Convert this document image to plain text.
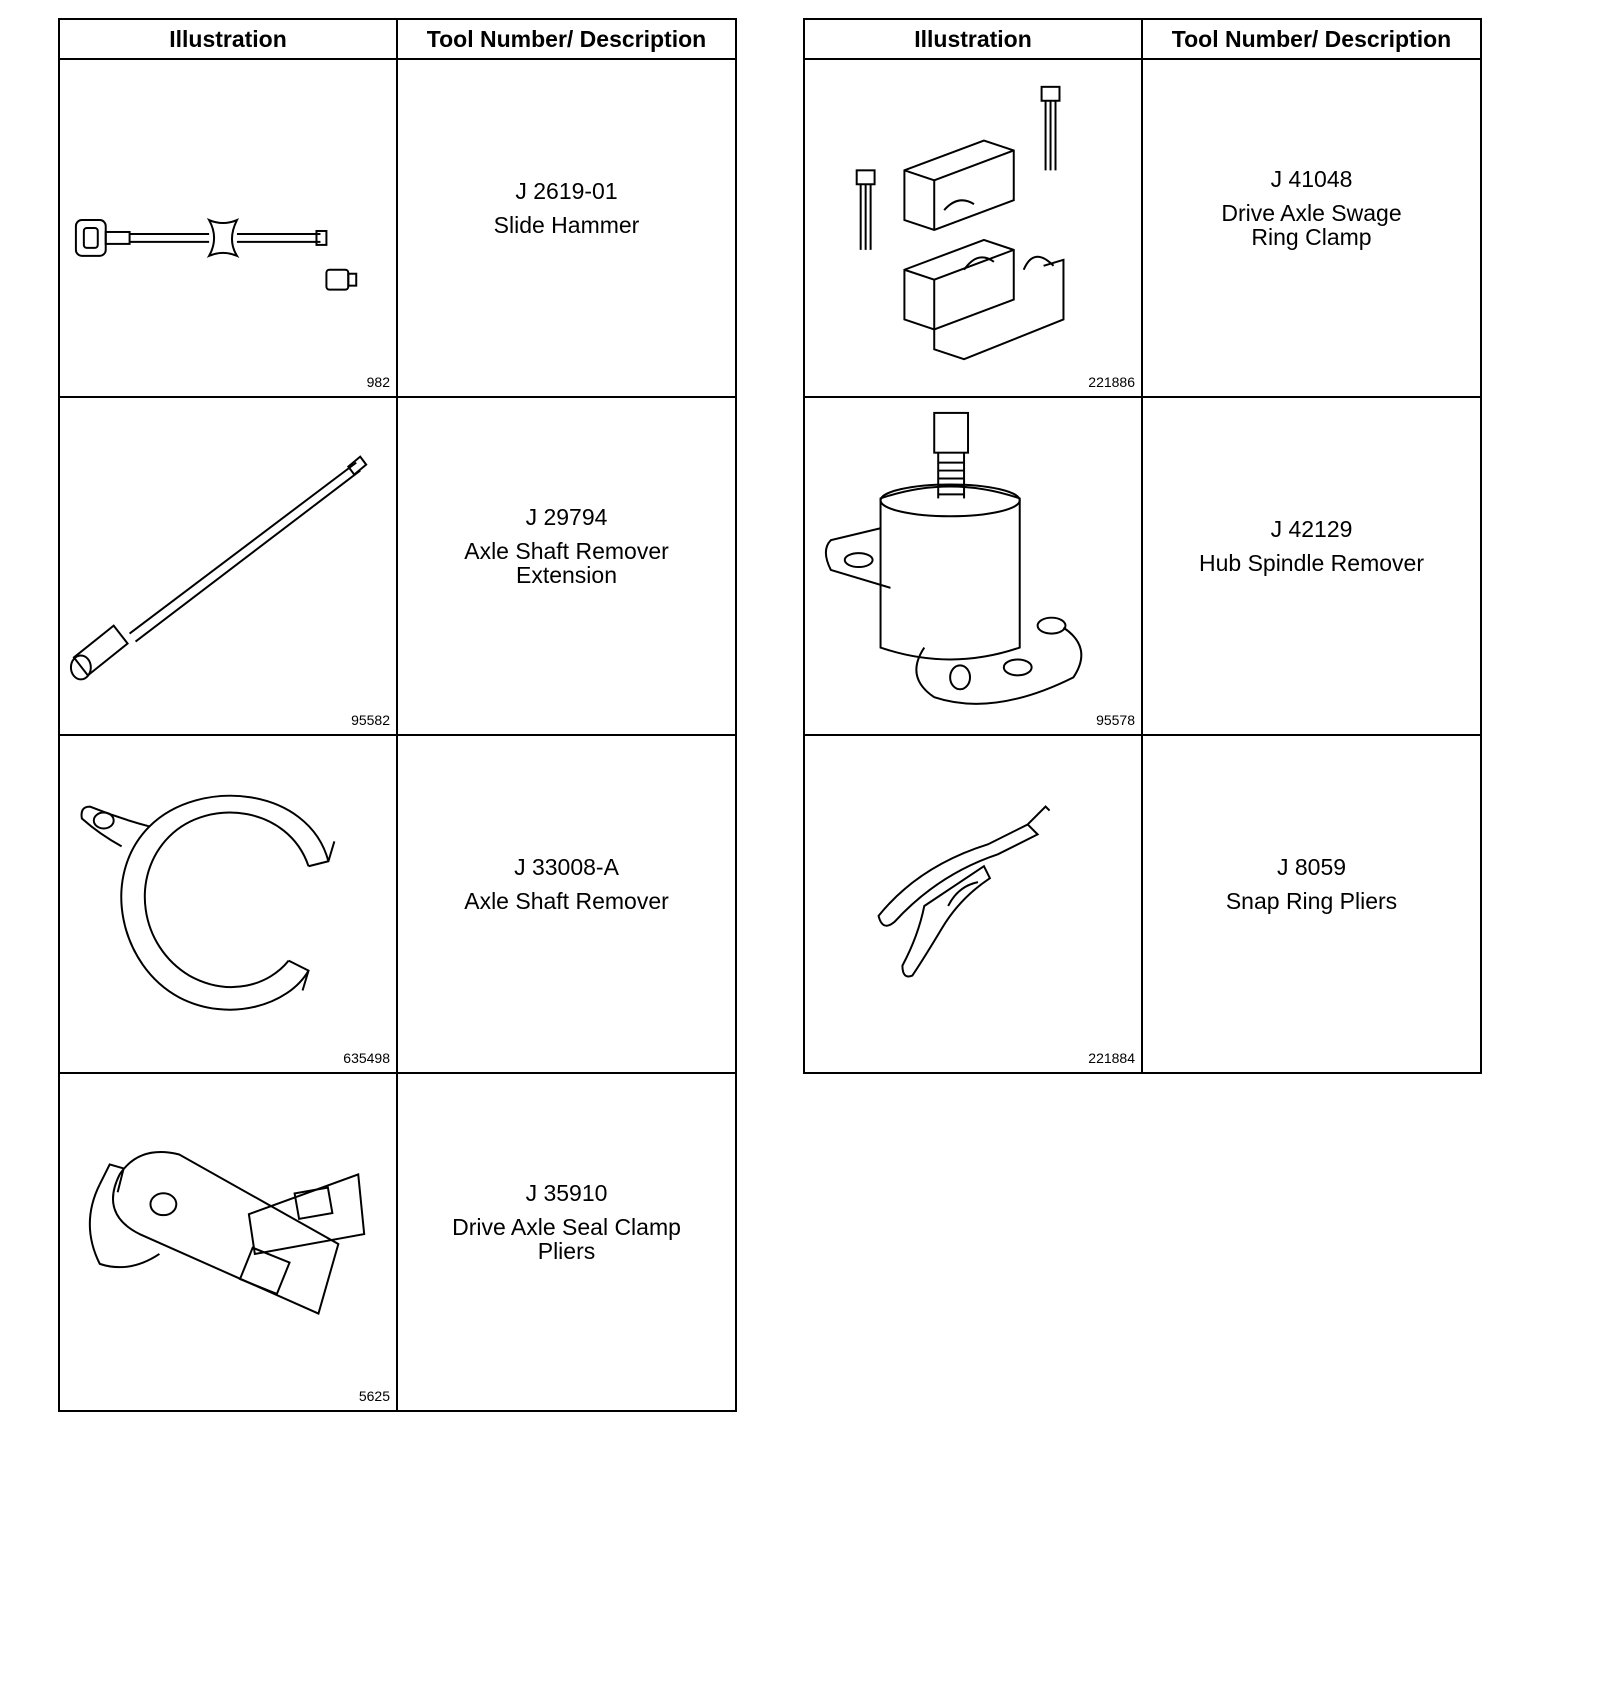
Illustration	Tool Number/ Description

982	J 2619-01
Slide Hammer

95582	J 29794
Axle Shaft Remover
Extension

635498	J 33008-A
Axle Shaft Remover

5625	J 35910
Drive Axle Seal Clamp
Pliers
Illustration	Tool Number/ Description

221886	J 41048
Drive Axle Swage
Ring Clamp

95578	J 42129
Hub Spindle Remover

221884	J 8059
Snap Ring Pliers
